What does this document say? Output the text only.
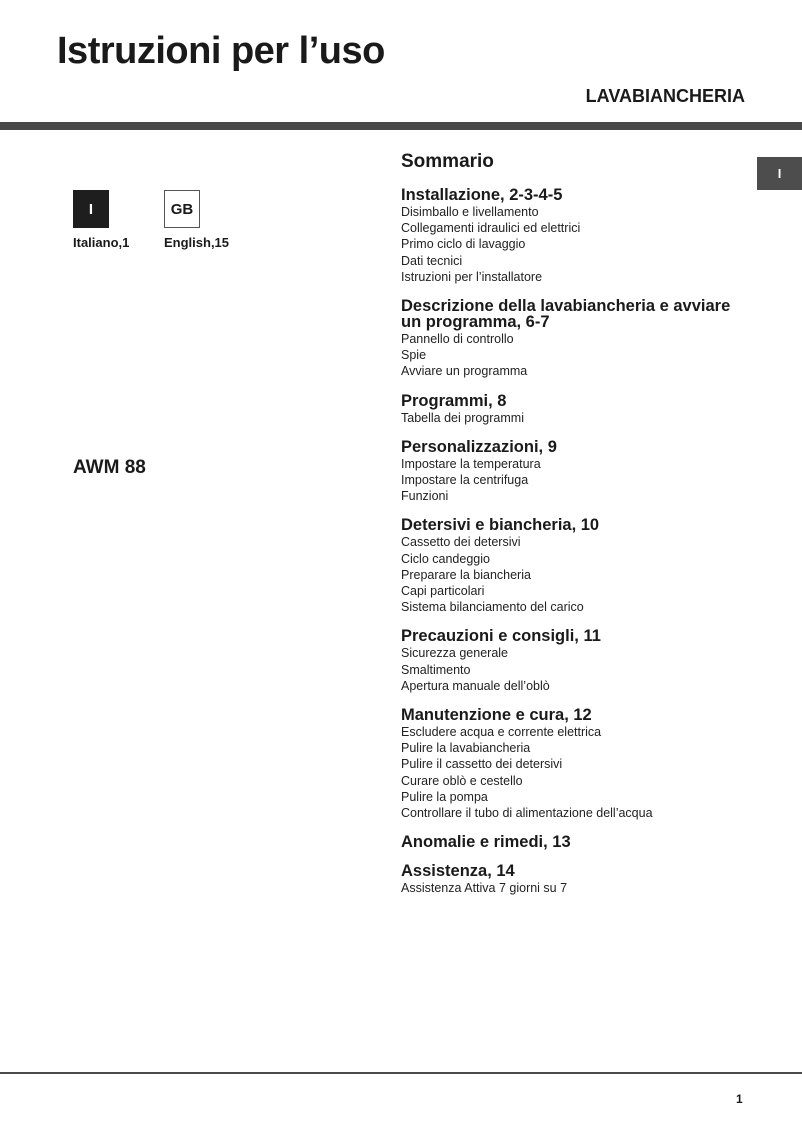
Istruzioni per l’uso
LAVABIANCHERIA
I
I
Italiano,1
GB
English,15
AWM 88
Sommario
Installazione, 2-3-4-5
Disimballo e livellamento
Collegamenti idraulici ed elettrici
Primo ciclo di lavaggio
Dati tecnici
Istruzioni per l’installatore
Descrizione della lavabiancheria e avviare
un programma, 6-7
Pannello di controllo
Spie
Avviare un programma
Programmi, 8
Tabella dei programmi
Personalizzazioni, 9
Impostare la temperatura
Impostare la centrifuga
Funzioni
Detersivi e biancheria, 10
Cassetto dei detersivi
Ciclo candeggio
Preparare la biancheria
Capi particolari
Sistema bilanciamento del carico
Precauzioni e consigli, 11
Sicurezza generale
Smaltimento
Apertura manuale dell’oblò
Manutenzione e cura, 12
Escludere acqua e corrente elettrica
Pulire la lavabiancheria
Pulire il cassetto dei detersivi
Curare oblò e cestello
Pulire la pompa
Controllare il tubo di alimentazione dell’acqua
Anomalie e rimedi, 13
Assistenza, 14
Assistenza Attiva 7 giorni su 7
1
